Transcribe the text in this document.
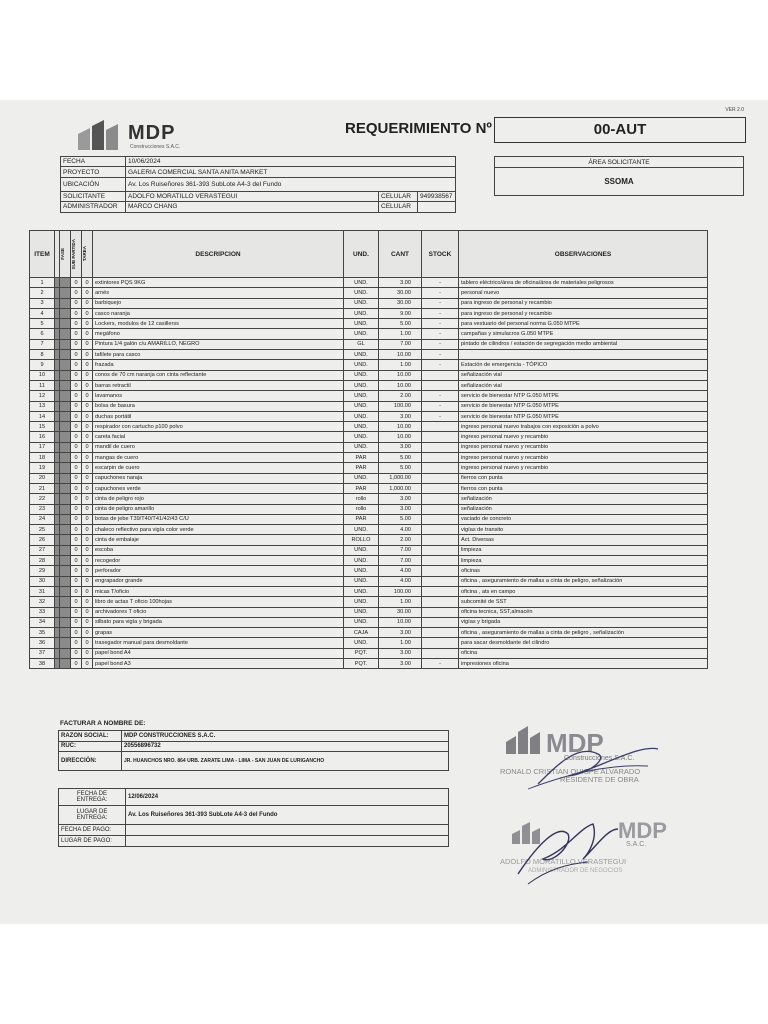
VER 2.0
MDP
Construcciones S.A.C.
REQUERIMIENTO Nº	00-AUT
FECHA	10/06/2024		
PROYECTO	GALERIA COMERCIAL SANTA ANITA MARKET		
UBICACIÓN	Av. Los Ruiseñores 361-393 SubLote A4-3 del Fundo		
SOLICITANTE	ADOLFO MORATILLO VERASTEGUI	CELULAR	949938567
ADMINISTRADOR	MARCO CHANG	CELULAR	
ÁREA SOLICITANTE
SSOMA
ITEM		FASE	SUB PARTIDA	TAREA	DESCRIPCION	UND.	CANT	STOCK	OBSERVACIONES
1			0	0	extintores PQS 9KG	UND.	3.00	-	tablero eléctrico/área de oficina/área de materiales peligrosos
2			0	0	arnés	UND.	30.00	-	personal nuevo
3			0	0	barbiquejo	UND.	30.00	-	para ingreso de personal y recambio
4			0	0	casco naranja	UND.	9.00	-	para ingreso de personal y recambio
5			0	0	Lockers, modulos de 12 casillerss	UND.	5.00	-	para vestuario del personal norma G.050 MTPE
6			0	0	megáfono	UND.	1.00	-	campañas y simulacros G.050 MTPE
7			0	0	Pintura 1/4 galón c/u AMARILLO, NEGRO	GL	7.00	-	pintado de cilindros / estación de segregación medio ambiental
8			0	0	tafilete para casco	UND.	10.00	-	
9			0	0	frazada	UND.	1.00	-	Estación de emergencia - TÓPICO
10			0	0	conos de 70 cm naranja con cinta reflectante	UND.	10.00		señalización vial
11			0	0	barras retractil	UND.	10.00		señalización vial
12			0	0	lavamanos	UND.	2.00	-	servicio de bienestar NTP G.050 MTPE
13			0	0	bolsa de basura	UND.	100.00	-	servicio de bienestar NTP G.050 MTPE
14			0	0	duchas portátil	UND.	3.00	-	servicio de bienestar NTP G.050 MTPE
15			0	0	respirador con cartucho p100 polvo	UND.	10.00		ingreso personal nuevo trabajos con exposición a polvo
16			0	0	careta facial	UND.	10.00		ingreso personal nuevo y recambio
17			0	0	mandil de cuero	UND.	3.00		ingreso personal nuevo y recambio
18			0	0	mangas de cuero	PAR	5.00		ingreso personal nuevo y recambio
19			0	0	escarpin de cuero	PAR	5.00		ingreso personal nuevo y recambio
20			0	0	capuchones naraja	UND.	1,000.00		fierros con punta
21			0	0	capuchones verde	PAR	1,000.00		fierros con punta
22			0	0	cinta de peligro rojo	rollo	3.00		señalización
23			0	0	cinta de peligro amarillo	rollo	3.00		señalización
24			0	0	botas de jebe T39/T40/T41/42/43 C/U	PAR	5.00		vaciado de concreto
25			0	0	chaleco reflectivo para vigía color verde	UND.	4.00		vigías de transito
26			0	0	cinta de embalaje	ROLLO	2.00		Act. Diversas
27			0	0	escoba	UND.	7.00		limpieza
28			0	0	recogedor	UND.	7.00		limpieza
29			0	0	perforador	UND.	4.00		oficinas
30			0	0	engrapador grande	UND.	4.00		oficina , aseguramiento de mallas a cinta de peligro, señalización
31			0	0	micas T/oficio	UND.	100.00		oficina , ats en campo
32			0	0	libro de actas T oficio 100hojas	UND.	1.00		subcomité de SST
33			0	0	archivadores T oficio	UND.	30.00		oficina tecnica, SST,almacén
34			0	0	silbato para vigía y brigada	UND.	10.00		vigías y brigada
35			0	0	grapas	CAJA	3.00		oficina , aseguramiento de mallas a cinta de peligro , señalización
36			0	0	trasegador manual para desmoldante	UND.	1.00		para sacar desmoldante del cilindro
37			0	0	papel bond A4	PQT.	3.00		oficina
38			0	0	papel bond A3	PQT.	3.00	-	impresiones oficina
FACTURAR A NOMBRE DE:
RAZON SOCIAL:	MDP CONSTRUCCIONES S.A.C.
RUC:	20556896732
DIRECCIÓN:	JR. HUANCHOS NRO. 864 URB. ZARATE LIMA - LIMA - SAN JUAN DE LURIGANCHO
FECHA DE ENTREGA:	12/06/2024
LUGAR DE ENTREGA:	Av. Los Ruiseñores 361-393 SubLote A4-3 del Fundo
FECHA DE PAGO:	
LUGAR DE PAGO:	
MDP
Construcciones S.A.C.
RONALD CRISTIAN QUISPE ALVARADO
RESIDENTE DE OBRA
MDP
S.A.C.
ADOLFO MORATILLO VERASTEGUI
ADMINISTRADOR DE NEGOCIOS
